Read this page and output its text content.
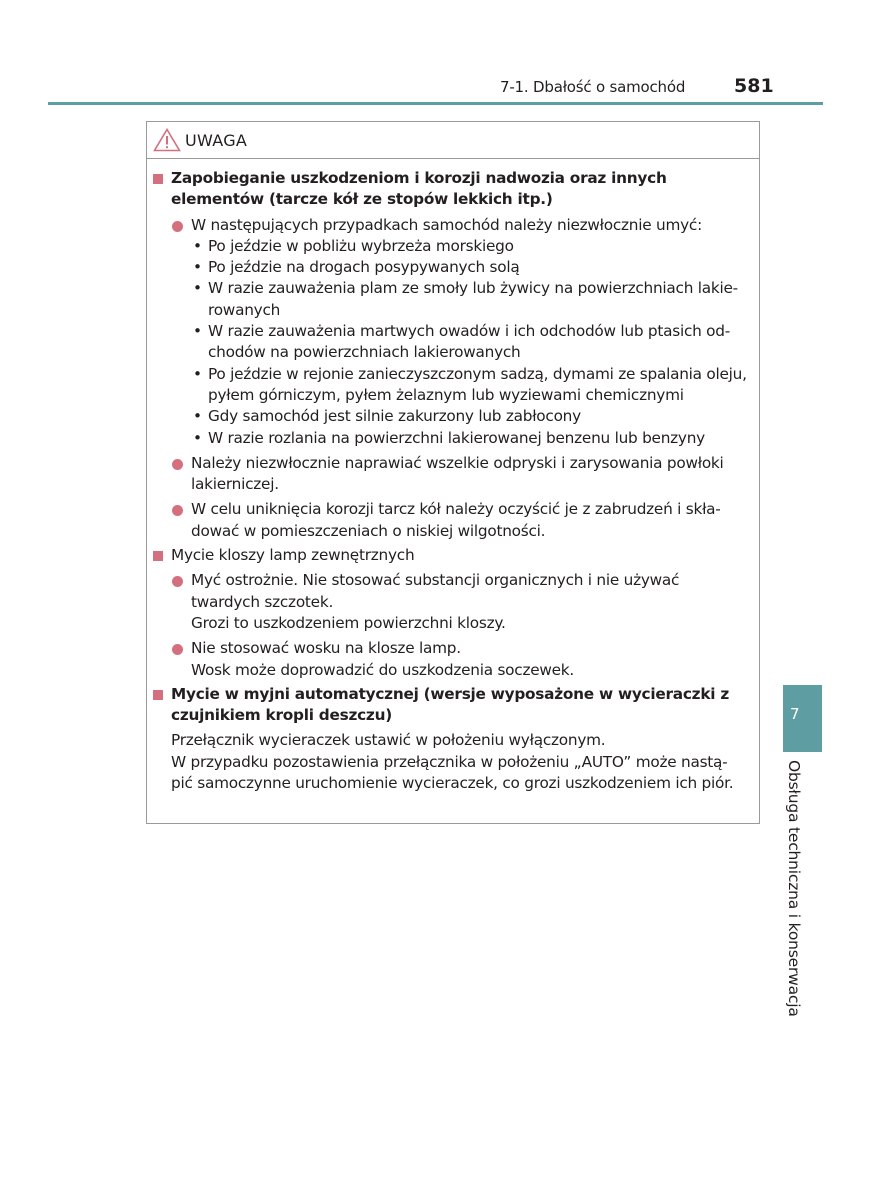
7-1. Dbałość o samochód	581
UWAGA
Zapobieganie uszkodzeniom i korozji nadwozia oraz innych elementów (tarcze kół ze stopów lekkich itp.)
W następujących przypadkach samochód należy niezwłocznie umyć:
• Po jeździe w pobliżu wybrzeża morskiego
• Po jeździe na drogach posypywanych solą
• W razie zauważenia plam ze smoły lub żywicy na powierzchniach lakie-rowanych
• W razie zauważenia martwych owadów i ich odchodów lub ptasich od-chodów na powierzchniach lakierowanych
• Po jeździe w rejonie zanieczyszczonym sadzą, dymami ze spalania oleju, pyłem górniczym, pyłem żelaznym lub wyziewami chemicznymi
• Gdy samochód jest silnie zakurzony lub zabłocony
• W razie rozlania na powierzchni lakierowanej benzenu lub benzyny
Należy niezwłocznie naprawiać wszelkie odpryski i zarysowania powłoki lakierniczej.
W celu uniknięcia korozji tarcz kół należy oczyścić je z zabrudzeń i skła-dować w pomieszczeniach o niskiej wilgotności.
Mycie kloszy lamp zewnętrznych
Myć ostrożnie. Nie stosować substancji organicznych i nie używać twardych szczotek.
Grozi to uszkodzeniem powierzchni kloszy.
Nie stosować wosku na klosze lamp.
Wosk może doprowadzić do uszkodzenia soczewek.
Mycie w myjni automatycznej (wersje wyposażone w wycieraczki z czujnikiem kropli deszczu)
Przełącznik wycieraczek ustawić w położeniu wyłączonym.
W przypadku pozostawienia przełącznika w położeniu „AUTO” może nastą-pić samoczynne uruchomienie wycieraczek, co grozi uszkodzeniem ich piór.
7
Obsługa techniczna i konserwacja
